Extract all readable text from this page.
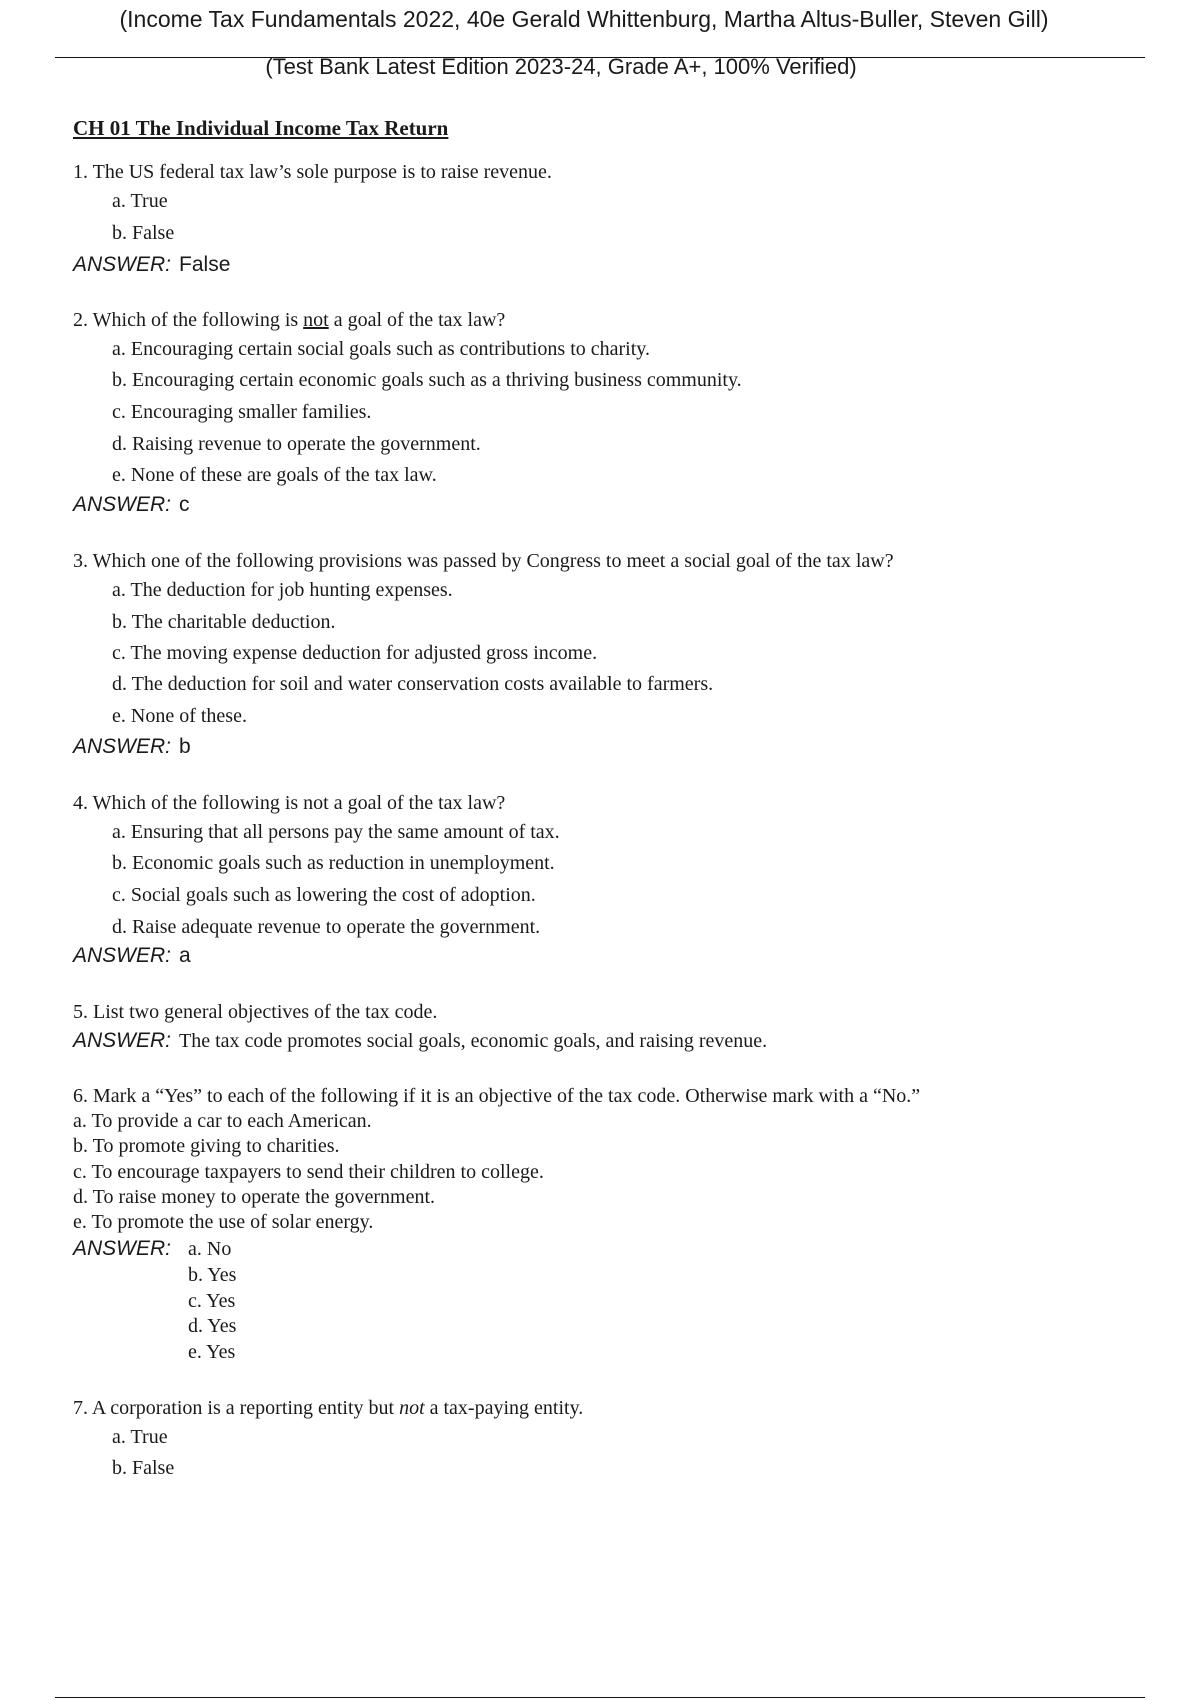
(Income Tax Fundamentals 2022, 40e Gerald Whittenburg, Martha Altus-Buller, Steven Gill)
(Test Bank Latest Edition 2023-24, Grade A+, 100% Verified)
CH 01 The Individual Income Tax Return
1. The US federal tax law’s sole purpose is to raise revenue.
a. True
b. False
ANSWER: False
2. Which of the following is not a goal of the tax law?
a. Encouraging certain social goals such as contributions to charity.
b. Encouraging certain economic goals such as a thriving business community.
c. Encouraging smaller families.
d. Raising revenue to operate the government.
e. None of these are goals of the tax law.
ANSWER: c
3. Which one of the following provisions was passed by Congress to meet a social goal of the tax law?
a. The deduction for job hunting expenses.
b. The charitable deduction.
c. The moving expense deduction for adjusted gross income.
d. The deduction for soil and water conservation costs available to farmers.
e. None of these.
ANSWER: b
4. Which of the following is not a goal of the tax law?
a. Ensuring that all persons pay the same amount of tax.
b. Economic goals such as reduction in unemployment.
c. Social goals such as lowering the cost of adoption.
d. Raise adequate revenue to operate the government.
ANSWER: a
5. List two general objectives of the tax code.
ANSWER: The tax code promotes social goals, economic goals, and raising revenue.
6. Mark a “Yes” to each of the following if it is an objective of the tax code. Otherwise mark with a “No.”
a. To provide a car to each American.
b. To promote giving to charities.
c. To encourage taxpayers to send their children to college.
d. To raise money to operate the government.
e. To promote the use of solar energy.
ANSWER: a. No
b. Yes
c. Yes
d. Yes
e. Yes
7. A corporation is a reporting entity but not a tax-paying entity.
a. True
b. False
